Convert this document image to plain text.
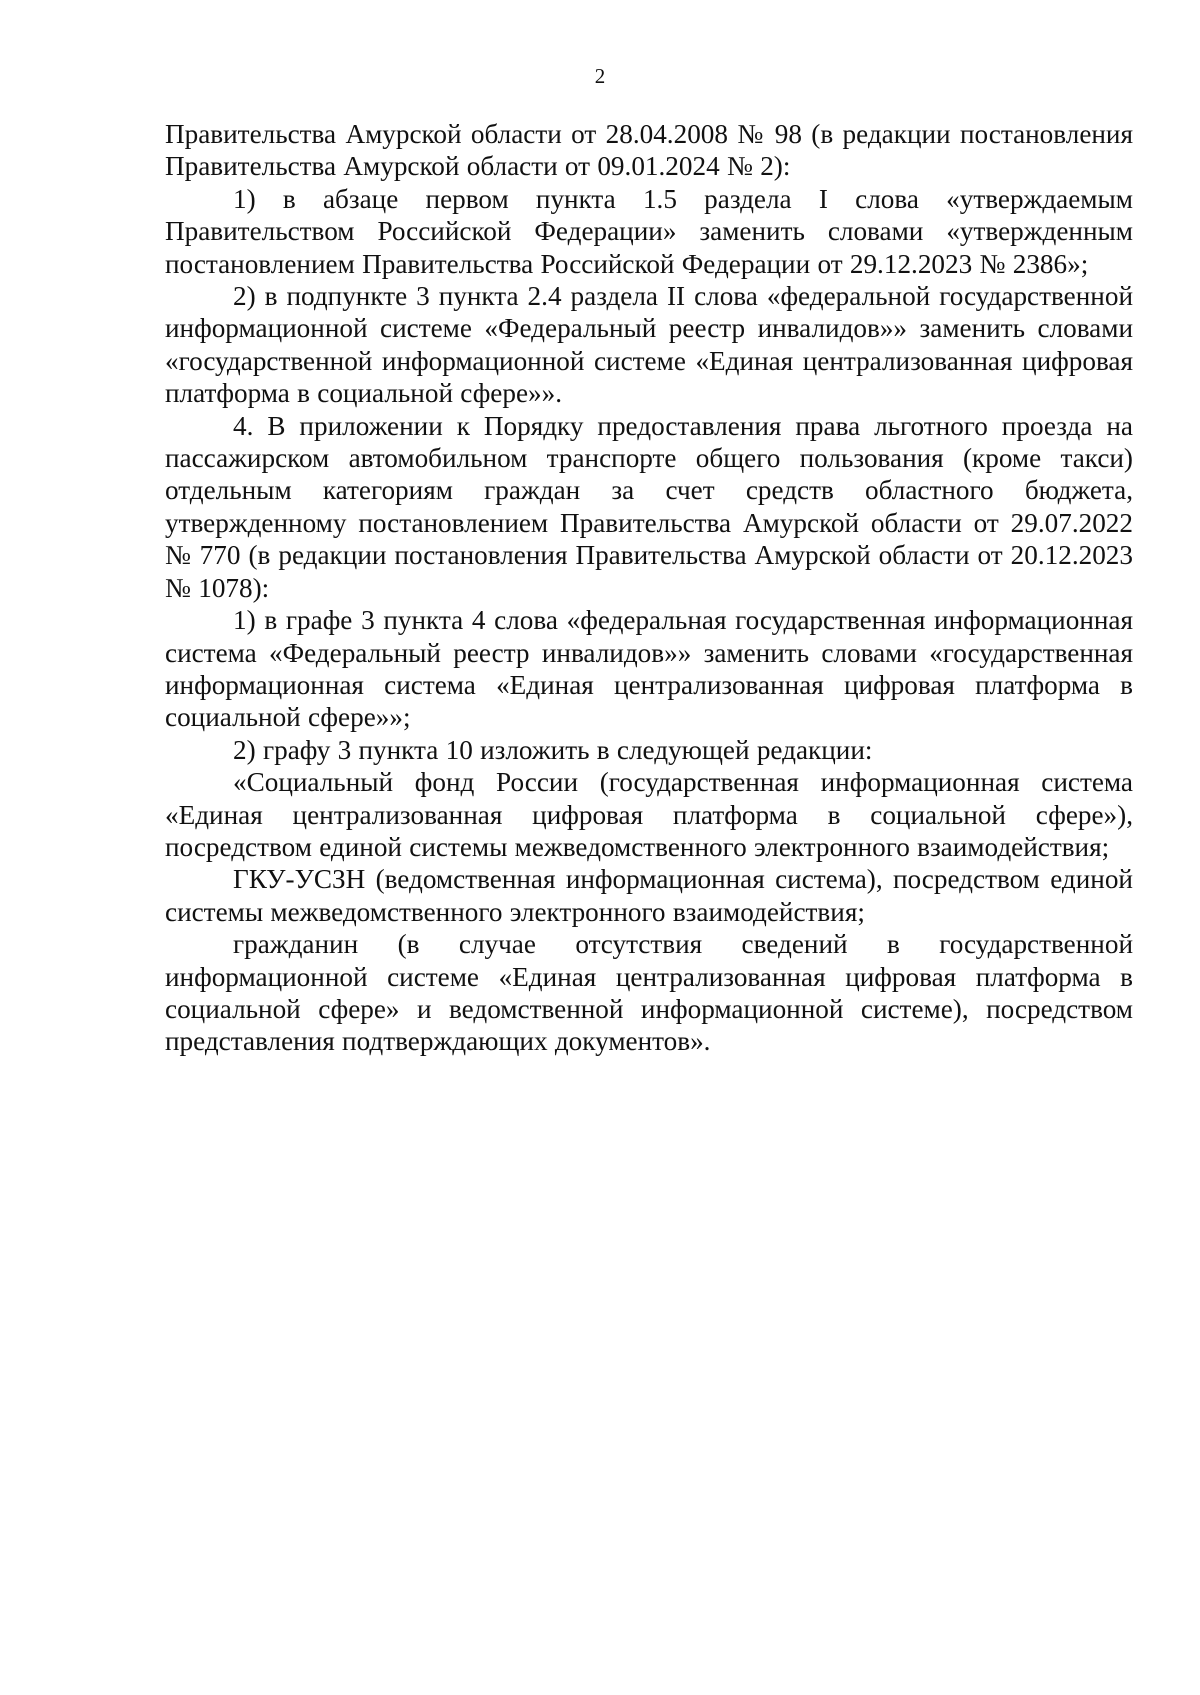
2

Правительства Амурской области от 28.04.2008 № 98 (в редакции постановления Правительства Амурской области от 09.01.2024 № 2):

1) в абзаце первом пункта 1.5 раздела I слова «утверждаемым Правительством Российской Федерации» заменить словами «утвержденным постановлением Правительства Российской Федерации от 29.12.2023 № 2386»;

2) в подпункте 3 пункта 2.4 раздела II слова «федеральной государственной информационной системе «Федеральный реестр инвалидов»» заменить словами «государственной информационной системе «Единая централизованная цифровая платформа в социальной сфере»».

4. В приложении к Порядку предоставления права льготного проезда на пассажирском автомобильном транспорте общего пользования (кроме такси) отдельным категориям граждан за счет средств областного бюджета, утвержденному постановлением Правительства Амурской области от 29.07.2022 № 770 (в редакции постановления Правительства Амурской области от 20.12.2023 № 1078):

1) в графе 3 пункта 4 слова «федеральная государственная информационная система «Федеральный реестр инвалидов»» заменить словами «государственная информационная система «Единая централизованная цифровая платформа в социальной сфере»»;

2) графу 3 пункта 10 изложить в следующей редакции:

«Социальный фонд России (государственная информационная система «Единая централизованная цифровая платформа в социальной сфере»), посредством единой системы межведомственного электронного взаимодействия;

ГКУ-УСЗН (ведомственная информационная система), посредством единой системы межведомственного электронного взаимодействия;

гражданин (в случае отсутствия сведений в государственной информационной системе «Единая централизованная цифровая платформа в социальной сфере» и ведомственной информационной системе), посредством представления подтверждающих документов».
